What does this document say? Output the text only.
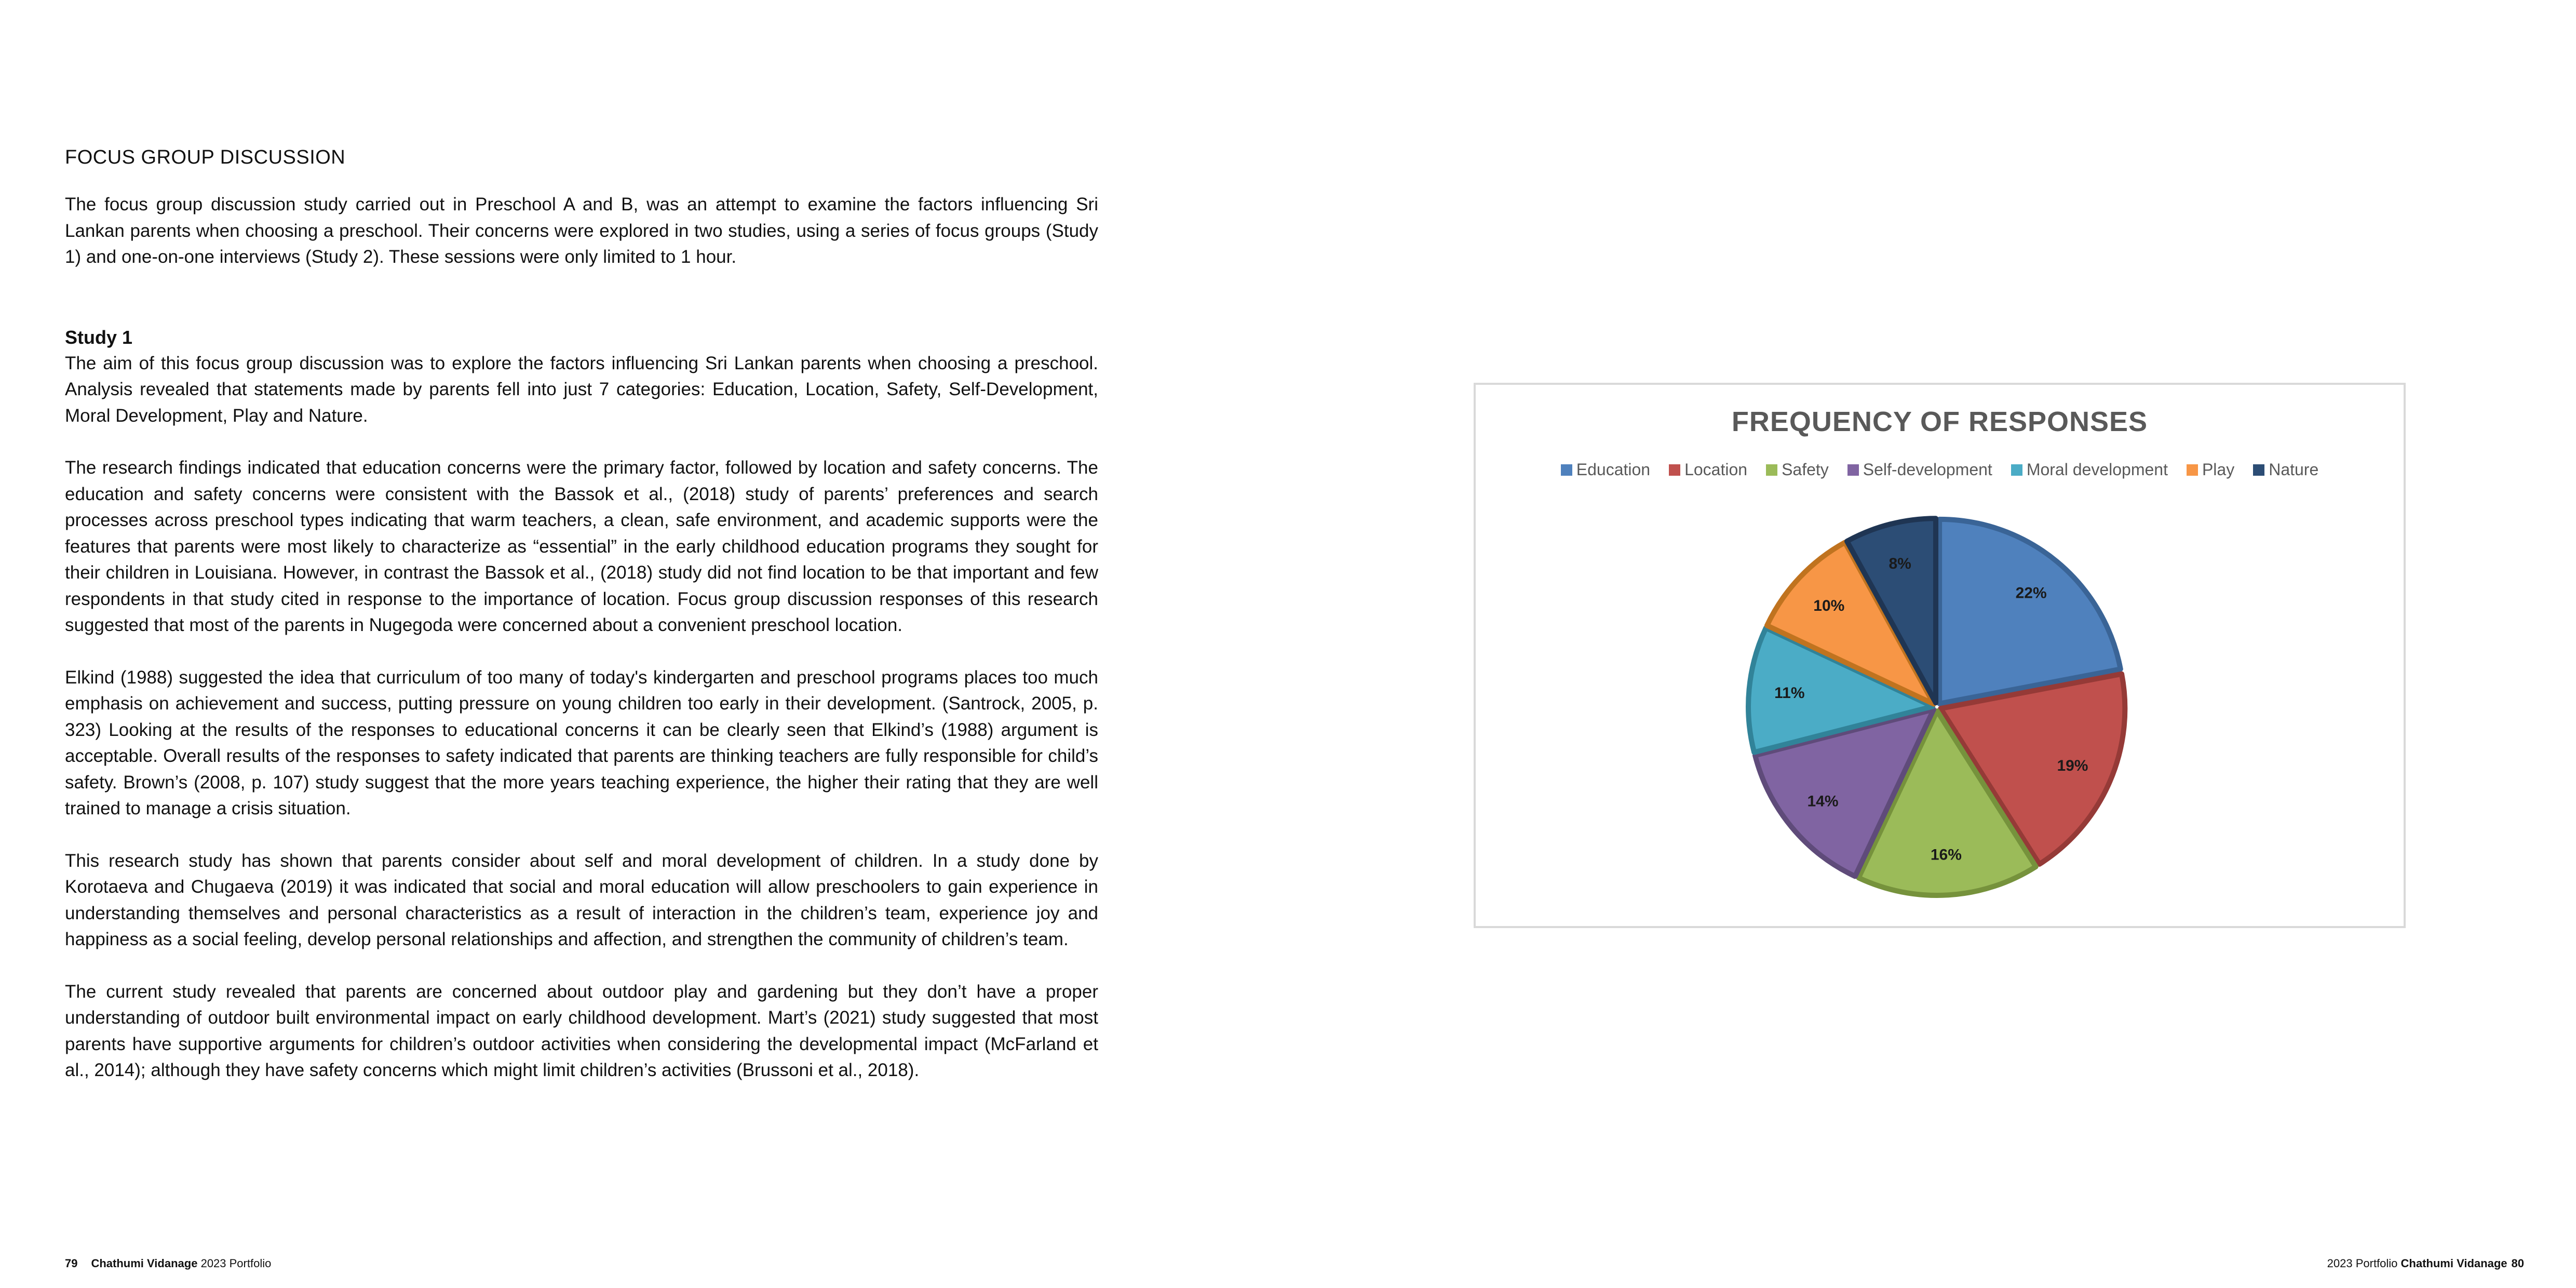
FOCUS GROUP DISCUSSION

The focus group discussion study carried out in Preschool A and B, was an attempt to examine the factors influencing Sri Lankan parents when choosing a preschool. Their concerns were explored in two studies, using a series of focus groups (Study 1) and one-on-one interviews (Study 2). These sessions were only limited to 1 hour.

Study 1

The aim of this focus group discussion was to explore the factors influencing Sri Lankan parents when choosing a preschool. Analysis revealed that statements made by parents fell into just 7 categories: Education, Location, Safety, Self-Development, Moral Development, Play and Nature.

The research findings indicated that education concerns were the primary factor, followed by location and safety concerns. The education and safety concerns were consistent with the Bassok et al., (2018) study of parents’ preferences and search processes across preschool types indicating that warm teachers, a clean, safe environment, and academic supports were the features that parents were most likely to characterize as “essential” in the early childhood education programs they sought for their children in Louisiana. However, in contrast the Bassok et al., (2018) study did not find location to be that important and few respondents in that study cited in response to the importance of location. Focus group discussion responses of this research suggested that most of the parents in Nugegoda were concerned about a convenient preschool location.

Elkind (1988) suggested the idea that curriculum of too many of today's kindergarten and preschool programs places too much emphasis on achievement and success, putting pressure on young children too early in their development. (Santrock, 2005, p. 323) Looking at the results of the responses to educational concerns it can be clearly seen that Elkind’s (1988) argument is acceptable. Overall results of the responses to safety indicated that parents are thinking teachers are fully responsible for child’s safety. Brown’s (2008, p. 107) study suggest that the more years teaching experience, the higher their rating that they are well trained to manage a crisis situation.

This research study has shown that parents consider about self and moral development of children. In a study done by Korotaeva and Chugaeva (2019) it was indicated that social and moral education will allow preschoolers to gain experience in understanding themselves and personal characteristics as a result of interaction in the children’s team, experience joy and happiness as a social feeling, develop personal relationships and affection, and strengthen the community of children’s team.

The current study revealed that parents are concerned about outdoor play and gardening but they don’t have a proper understanding of outdoor built environmental impact on early childhood development. Mart’s (2021) study suggested that most parents have supportive arguments for children’s outdoor activities when considering the developmental impact (McFarland et al., 2014); although they have safety concerns which might limit children’s activities (Brussoni et al., 2018).

22%
19%
16%
14%
11%
10%
8%
FREQUENCY OF RESPONSES
Education Location Safety Self-development Moral development Play Nature
79 Chathumi Vidanage 2023 Portfolio	2023 Portfolio Chathumi Vidanage 80
